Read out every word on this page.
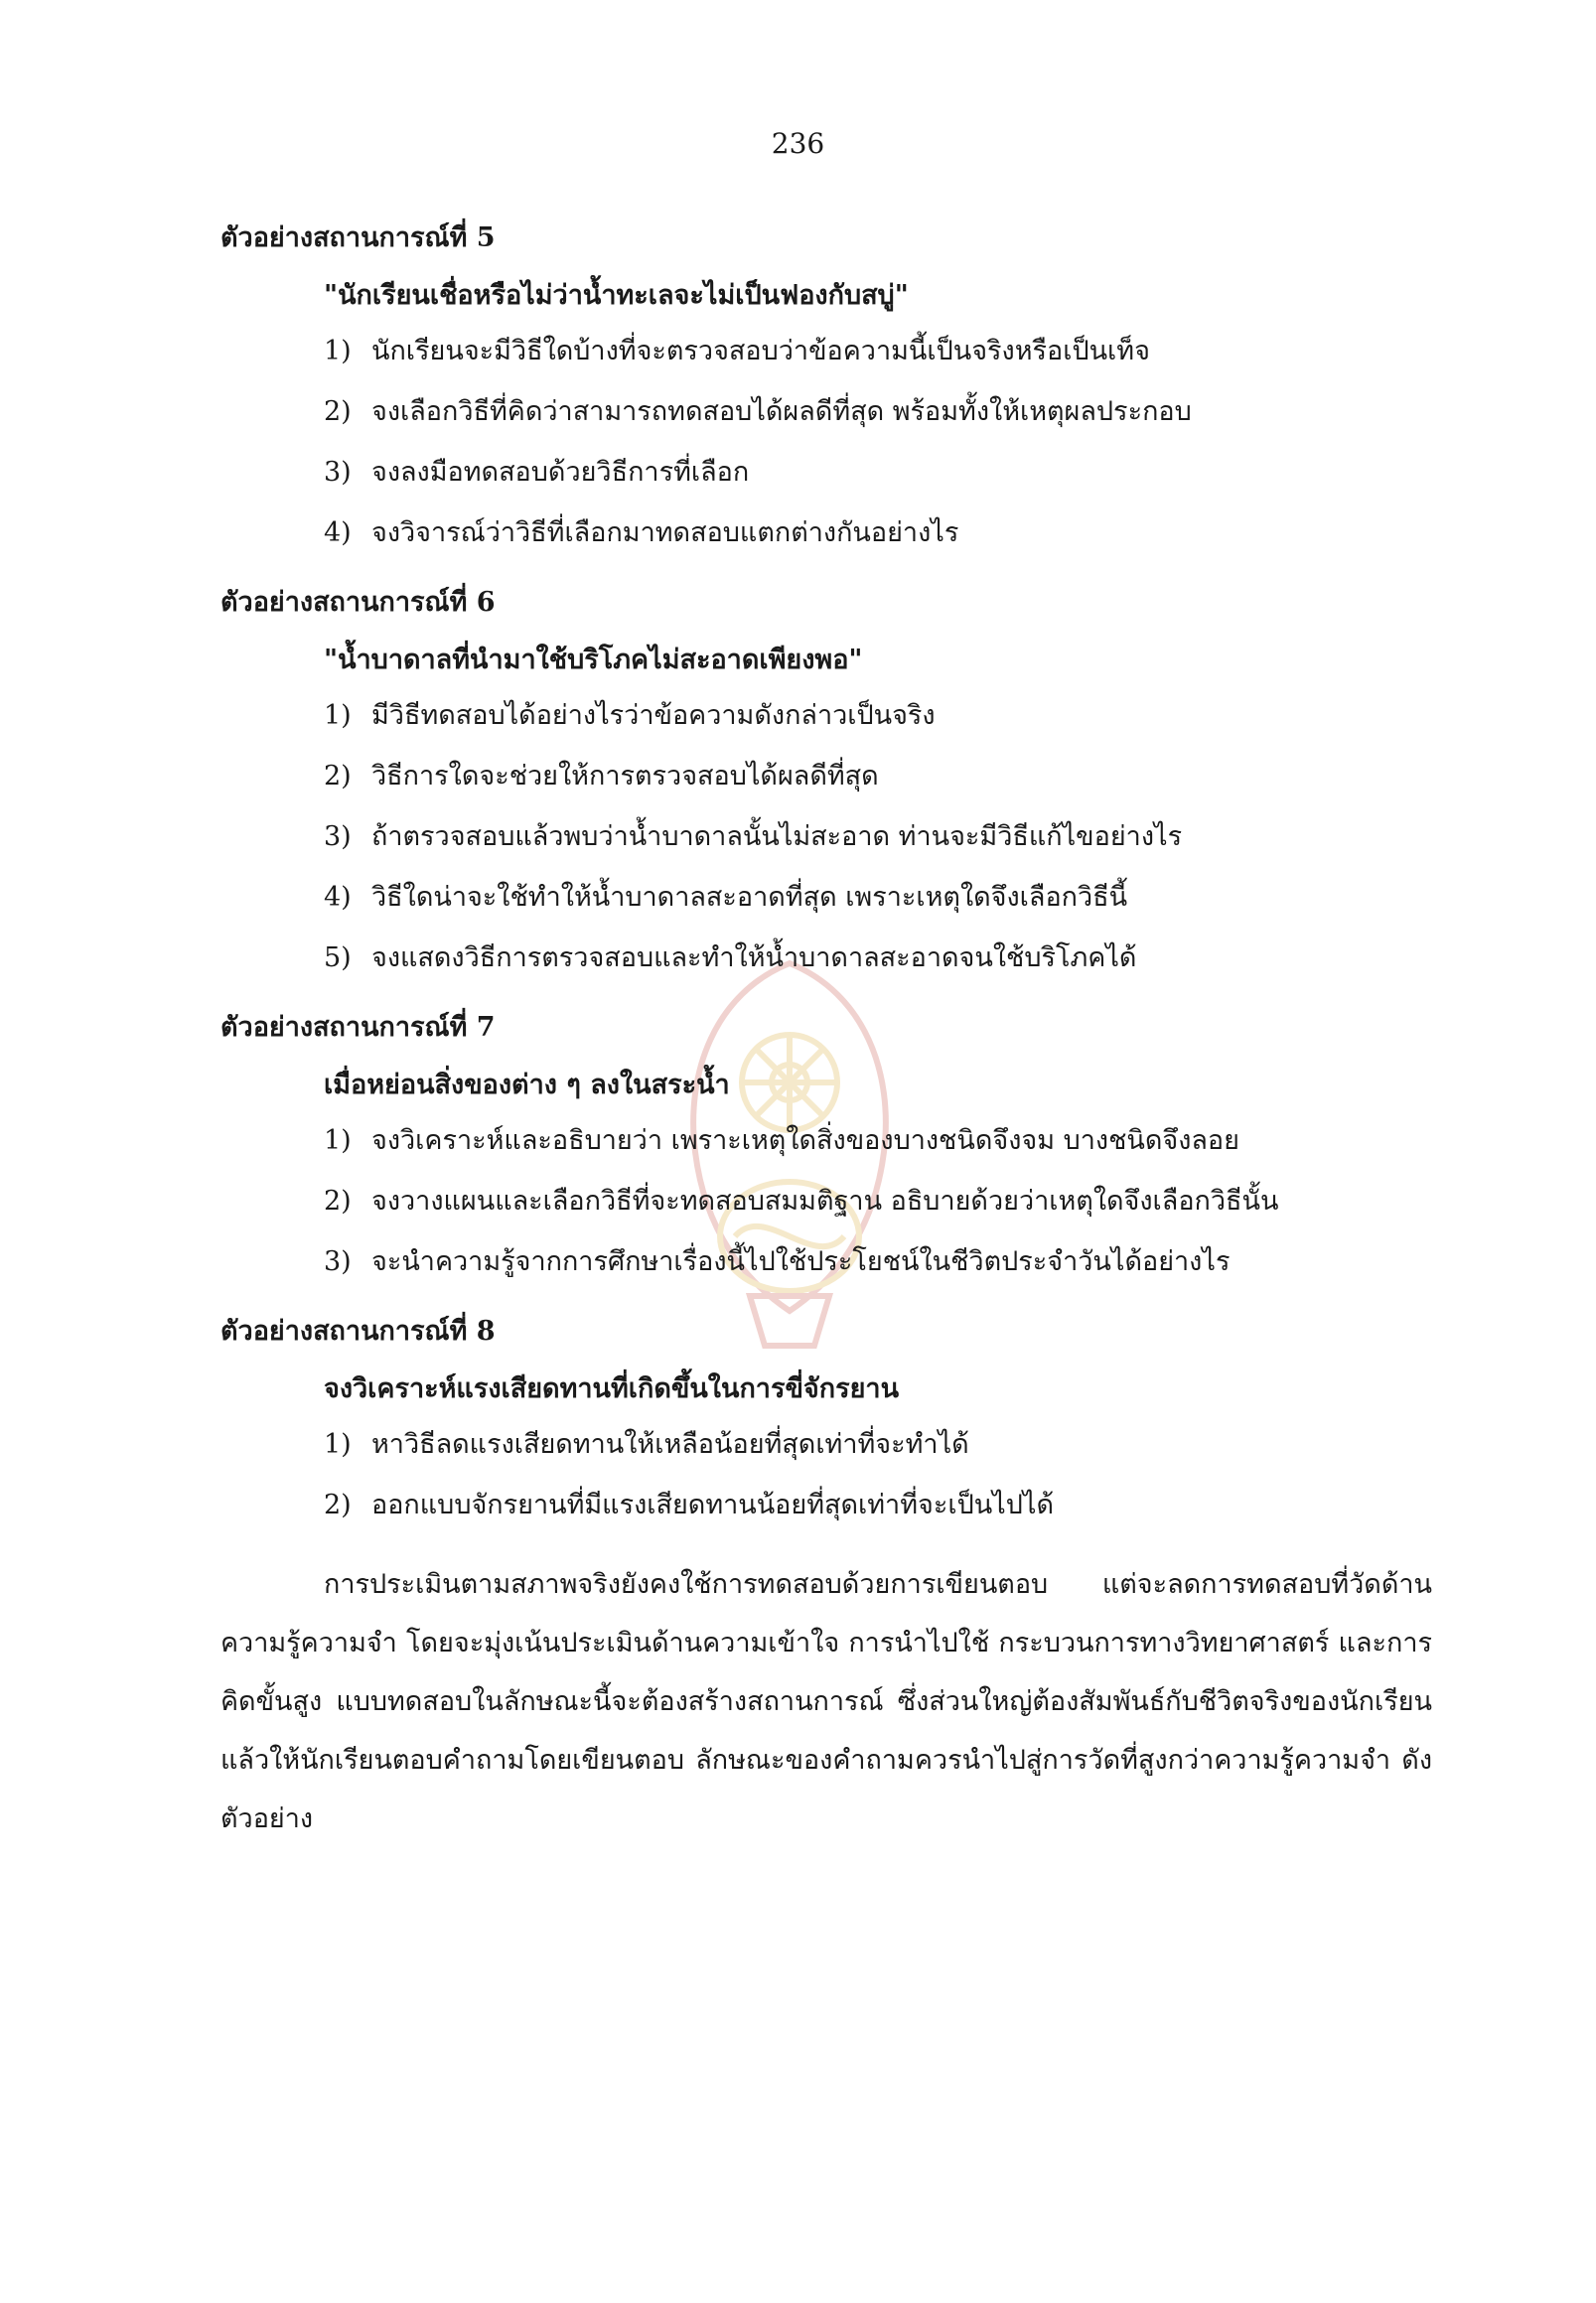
236
ตัวอย่างสถานการณ์ที่ 5
"นักเรียนเชื่อหรือไม่ว่าน้ำทะเลจะไม่เป็นฟองกับสบู่"
1) นักเรียนจะมีวิธีใดบ้างที่จะตรวจสอบว่าข้อความนี้เป็นจริงหรือเป็นเท็จ
2) จงเลือกวิธีที่คิดว่าสามารถทดสอบได้ผลดีที่สุด พร้อมทั้งให้เหตุผลประกอบ
3) จงลงมือทดสอบด้วยวิธีการที่เลือก
4) จงวิจารณ์ว่าวิธีที่เลือกมาทดสอบแตกต่างกันอย่างไร
ตัวอย่างสถานการณ์ที่ 6
"น้ำบาดาลที่นำมาใช้บริโภคไม่สะอาดเพียงพอ"
1) มีวิธีทดสอบได้อย่างไรว่าข้อความดังกล่าวเป็นจริง
2) วิธีการใดจะช่วยให้การตรวจสอบได้ผลดีที่สุด
3) ถ้าตรวจสอบแล้วพบว่าน้ำบาดาลนั้นไม่สะอาด ท่านจะมีวิธีแก้ไขอย่างไร
4) วิธีใดน่าจะใช้ทำให้น้ำบาดาลสะอาดที่สุด เพราะเหตุใดจึงเลือกวิธีนี้
5) จงแสดงวิธีการตรวจสอบและทำให้น้ำบาดาลสะอาดจนใช้บริโภคได้
ตัวอย่างสถานการณ์ที่ 7
เมื่อหย่อนสิ่งของต่าง ๆ ลงในสระน้ำ
1) จงวิเคราะห์และอธิบายว่า เพราะเหตุใดสิ่งของบางชนิดจึงจม บางชนิดจึงลอย
2) จงวางแผนและเลือกวิธีที่จะทดสอบสมมติฐาน อธิบายด้วยว่าเหตุใดจึงเลือกวิธีนั้น
3) จะนำความรู้จากการศึกษาเรื่องนี้ไปใช้ประโยชน์ในชีวิตประจำวันได้อย่างไร
ตัวอย่างสถานการณ์ที่ 8
จงวิเคราะห์แรงเสียดทานที่เกิดขึ้นในการขี่จักรยาน
1) หาวิธีลดแรงเสียดทานให้เหลือน้อยที่สุดเท่าที่จะทำได้
2) ออกแบบจักรยานที่มีแรงเสียดทานน้อยที่สุดเท่าที่จะเป็นไปได้

การประเมินตามสภาพจริงยังคงใช้การทดสอบด้วยการเขียนตอบ แต่จะลดการทดสอบที่วัดด้านความรู้ความจำ โดยจะมุ่งเน้นประเมินด้านความเข้าใจ การนำไปใช้ กระบวนการทางวิทยาศาสตร์ และการคิดขั้นสูง แบบทดสอบในลักษณะนี้จะต้องสร้างสถานการณ์ ซึ่งส่วนใหญ่ต้องสัมพันธ์กับชีวิตจริงของนักเรียน แล้วให้นักเรียนตอบคำถามโดยเขียนตอบ ลักษณะของคำถามควรนำไปสู่การวัดที่สูงกว่าความรู้ความจำ ดังตัวอย่าง
